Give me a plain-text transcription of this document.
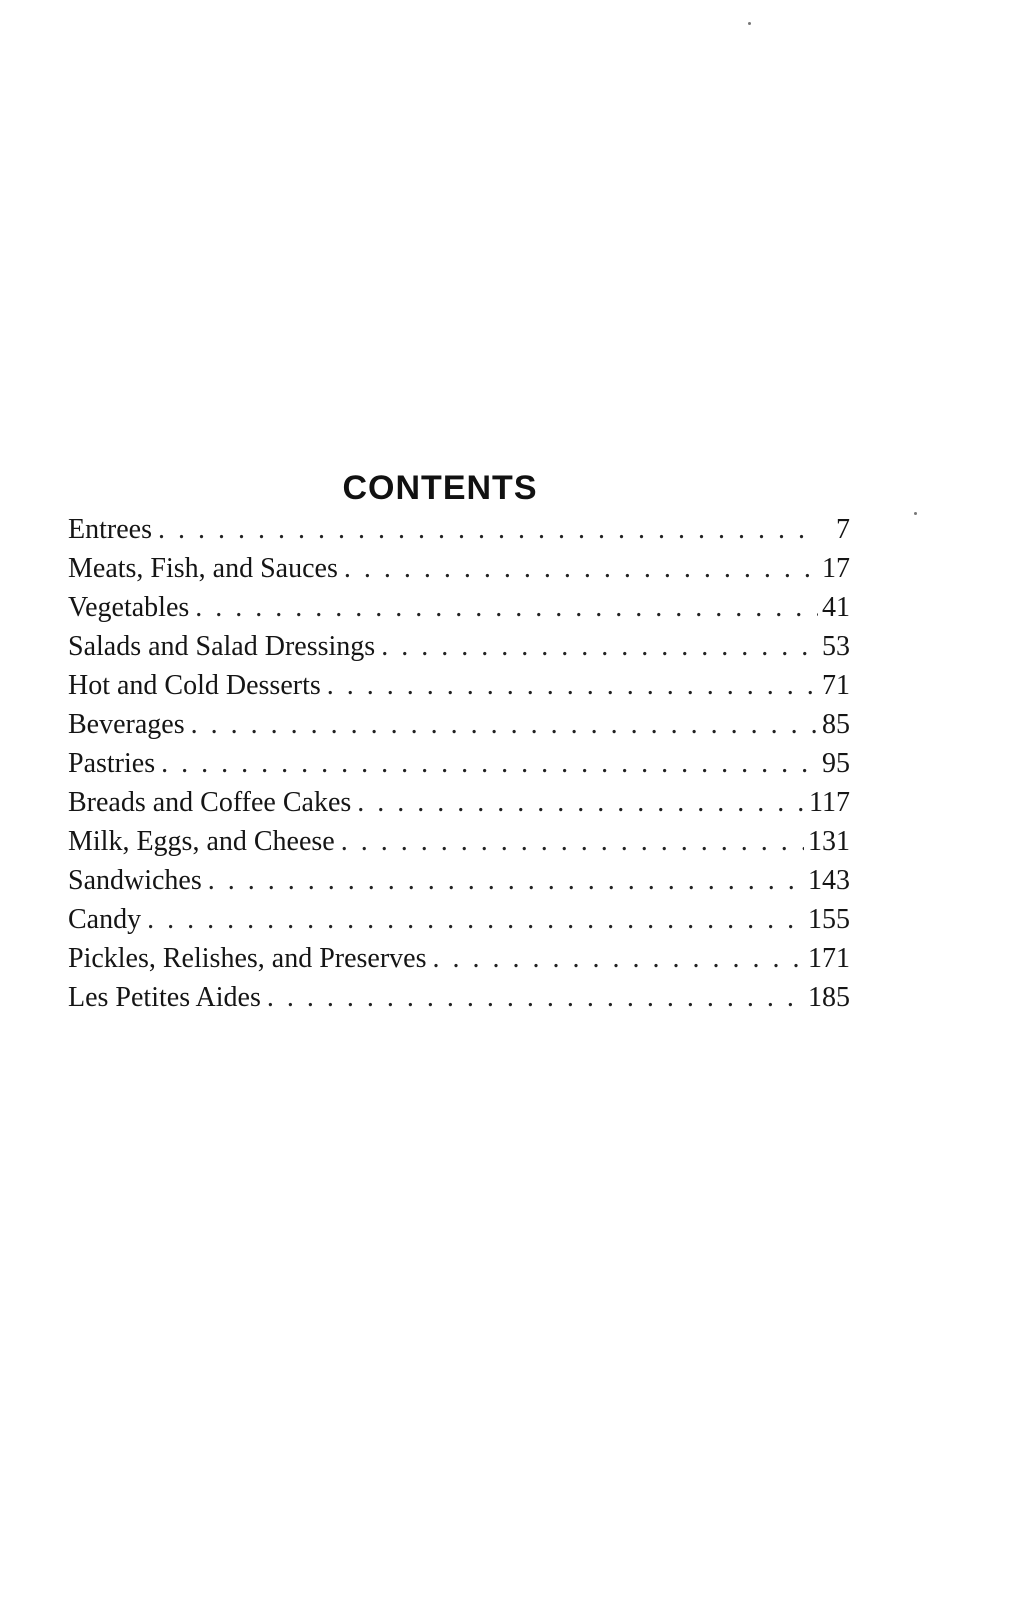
CONTENTS
Entrees . . .	7
Meats, Fish, and Sauces . . .	17
Vegetables . . .	41
Salads and Salad Dressings . . .	53
Hot and Cold Desserts . . .	71
Beverages . . .	85
Pastries . . .	95
Breads and Coffee Cakes . . .	117
Milk, Eggs, and Cheese . . .	131
Sandwiches . . .	143
Candy . . .	155
Pickles, Relishes, and Preserves . . .	171
Les Petites Aides . . .	185
